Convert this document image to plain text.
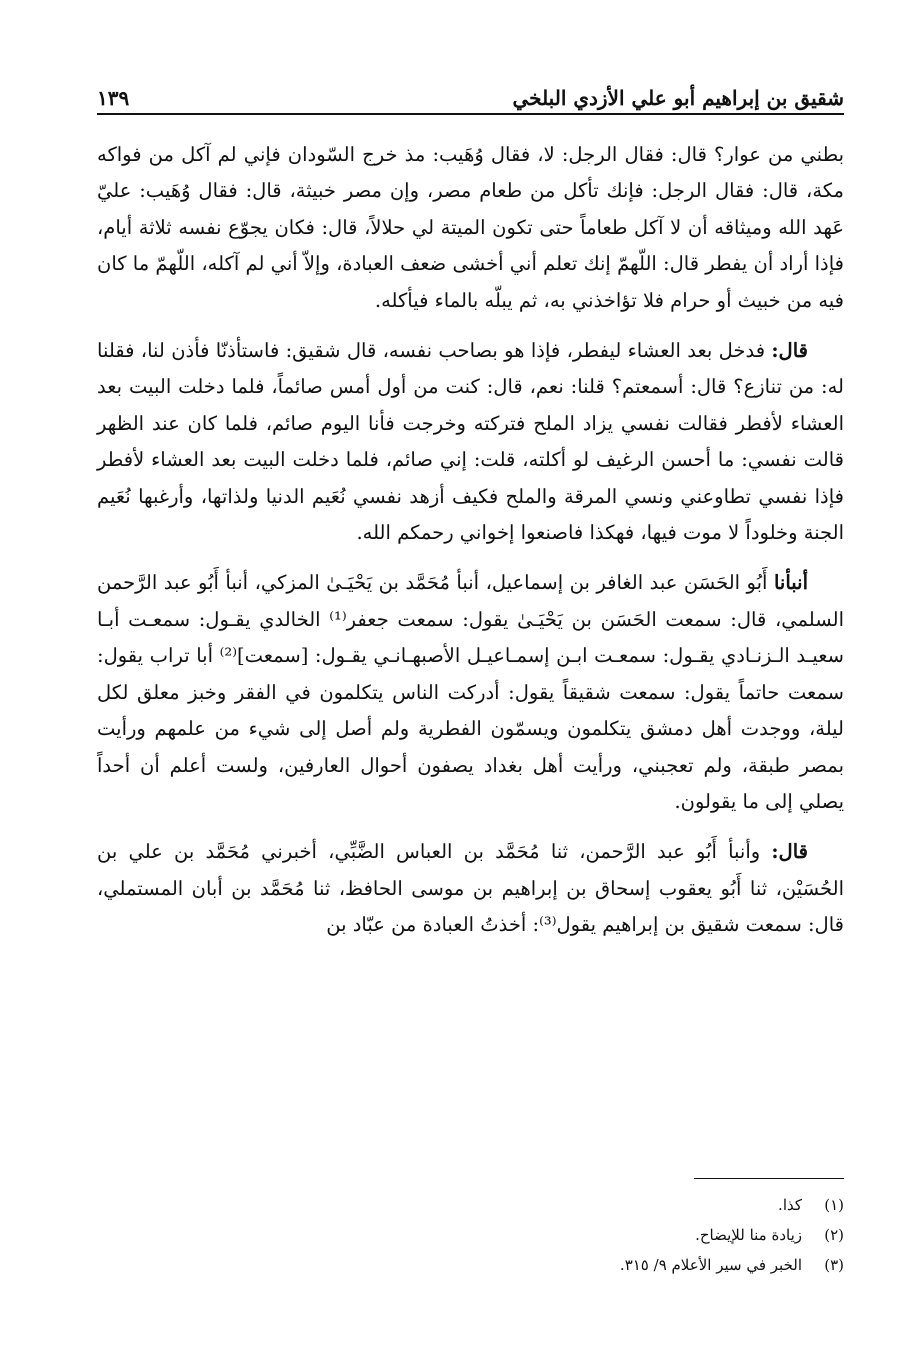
شقيق بن إبراهيم أبو علي الأزدي البلخي
١٣٩

بطني من عوار؟ قال: فقال الرجل: لا، فقال وُهَيب: مذ خرج السّودان فإني لم آكل من فواكه مكة، قال: فقال الرجل: فإنك تأكل من طعام مصر، وإن مصر خبيثة، قال: فقال وُهَيب: عليّ عَهد الله وميثاقه أن لا آكل طعاماً حتى تكون الميتة لي حلالاً، قال: فكان يجوّع نفسه ثلاثة أيام، فإذا أراد أن يفطر قال: اللّهمّ إنك تعلم أني أخشى ضعف العبادة، وإلاّ أني لم آكله، اللّهمّ ما كان فيه من خبيث أو حرام فلا تؤاخذني به، ثم يبلّه بالماء فيأكله.

قال: فدخل بعد العشاء ليفطر، فإذا هو بصاحب نفسه، قال شقيق: فاستأذنّا فأذن لنا، فقلنا له: من تنازع؟ قال: أسمعتم؟ قلنا: نعم، قال: كنت من أول أمس صائماً، فلما دخلت البيت بعد العشاء لأفطر فقالت نفسي يزاد الملح فتركته وخرجت فأنا اليوم صائم، فلما كان عند الظهر قالت نفسي: ما أحسن الرغيف لو أكلته، قلت: إني صائم، فلما دخلت البيت بعد العشاء لأفطر فإذا نفسي تطاوعني ونسي المرقة والملح فكيف أزهد نفسي نُعَيم الدنيا ولذاتها، وأرغبها نُعَيم الجنة وخلوداً لا موت فيها، فهكذا فاصنعوا إخواني رحمكم الله.

أنبأنا أَبُو الحَسَن عبد الغافر بن إسماعيل، أنبأ مُحَمَّد بن يَحْيَـىٰ المزكي، أنبأ أَبُو عبد الرَّحمن السلمي، قال: سمعت الحَسَن بن يَحْيَـىٰ يقول: سمعت جعفر⁽¹⁾ الخالدي يقـول: سمعـت أبـا سعيـد الـزنـادي يقـول: سمعـت ابـن إسمـاعيـل الأصبهـانـي يقـول: [سمعت]⁽²⁾ أبا تراب يقول: سمعت حاتماً يقول: سمعت شقيقاً يقول: أدركت الناس يتكلمون في الفقر وخبز معلق لكل ليلة، ووجدت أهل دمشق يتكلمون ويسمّون الفطرية ولم أصل إلى شيء من علمهم ورأيت بمصر طبقة، ولم تعجبني، ورأيت أهل بغداد يصفون أحوال العارفين، ولست أعلم أن أحداً يصلي إلى ما يقولون.

قال: وأنبأ أَبُو عبد الرَّحمن، ثنا مُحَمَّد بن العباس الضَّبِّي، أخبرني مُحَمَّد بن علي بن الحُسَيْن، ثنا أَبُو يعقوب إسحاق بن إبراهيم بن موسى الحافظ، ثنا مُحَمَّد بن أبان المستملي، قال: سمعت شقيق بن إبراهيم يقول⁽³⁾: أخذتُ العبادة من عبّاد بن

(١)
كذا.
(٢)
زيادة منا للإيضاح.
(٣)
الخبر في سير الأعلام ٩/ ٣١٥.
